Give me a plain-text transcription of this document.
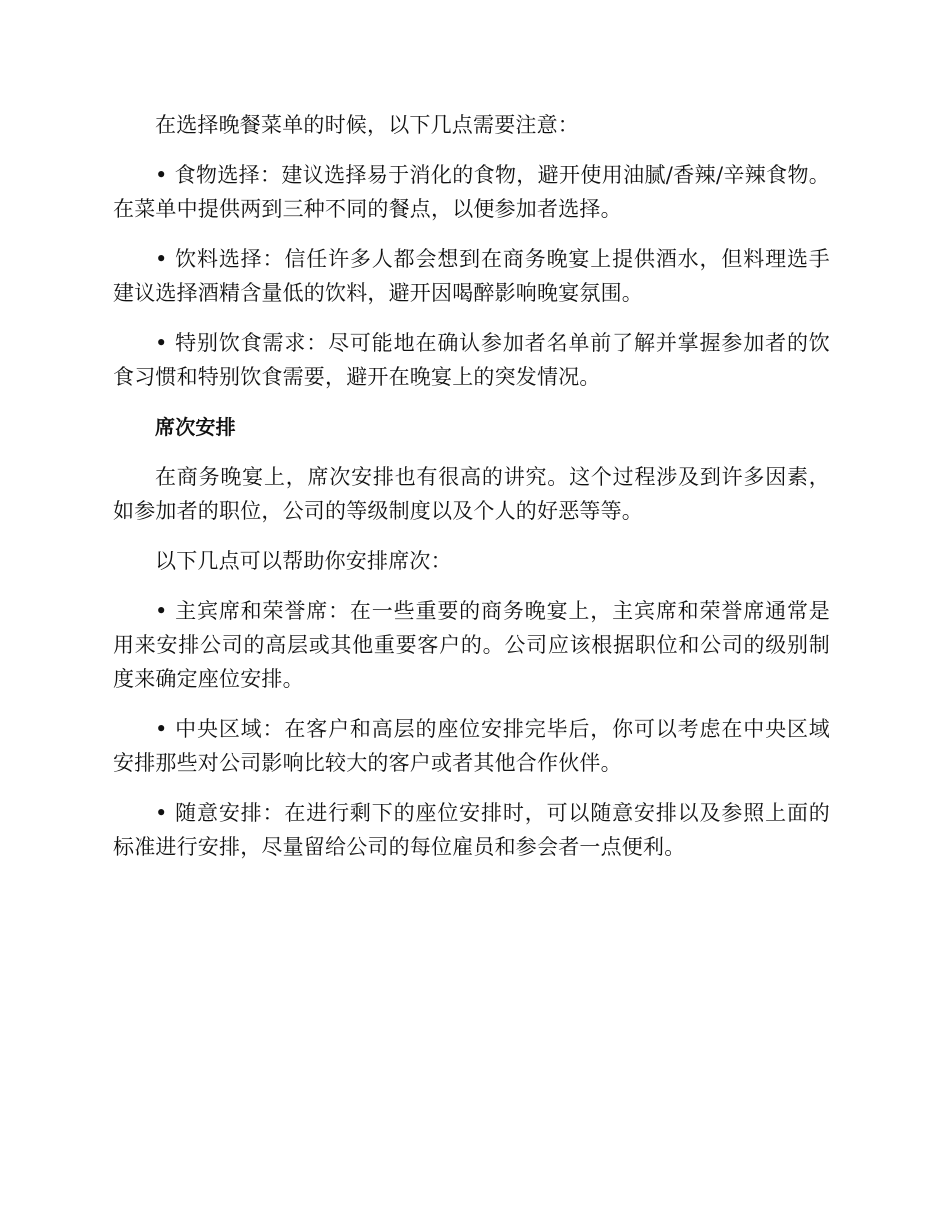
在选择晚餐菜单的时候，以下几点需要注意：

• 食物选择：建议选择易于消化的食物，避开使用油腻/香辣/辛辣食物。在菜单中提供两到三种不同的餐点，以便参加者选择。

• 饮料选择：信任许多人都会想到在商务晚宴上提供酒水，但料理选手建议选择酒精含量低的饮料，避开因喝醉影响晚宴氛围。

• 特别饮食需求：尽可能地在确认参加者名单前了解并掌握参加者的饮食习惯和特别饮食需要，避开在晚宴上的突发情况。

席次安排

在商务晚宴上，席次安排也有很高的讲究。这个过程涉及到许多因素，如参加者的职位，公司的等级制度以及个人的好恶等等。

以下几点可以帮助你安排席次：

• 主宾席和荣誉席：在一些重要的商务晚宴上，主宾席和荣誉席通常是用来安排公司的高层或其他重要客户的。公司应该根据职位和公司的级别制度来确定座位安排。

• 中央区域：在客户和高层的座位安排完毕后，你可以考虑在中央区域安排那些对公司影响比较大的客户或者其他合作伙伴。

• 随意安排：在进行剩下的座位安排时，可以随意安排以及参照上面的标准进行安排，尽量留给公司的每位雇员和参会者一点便利。
